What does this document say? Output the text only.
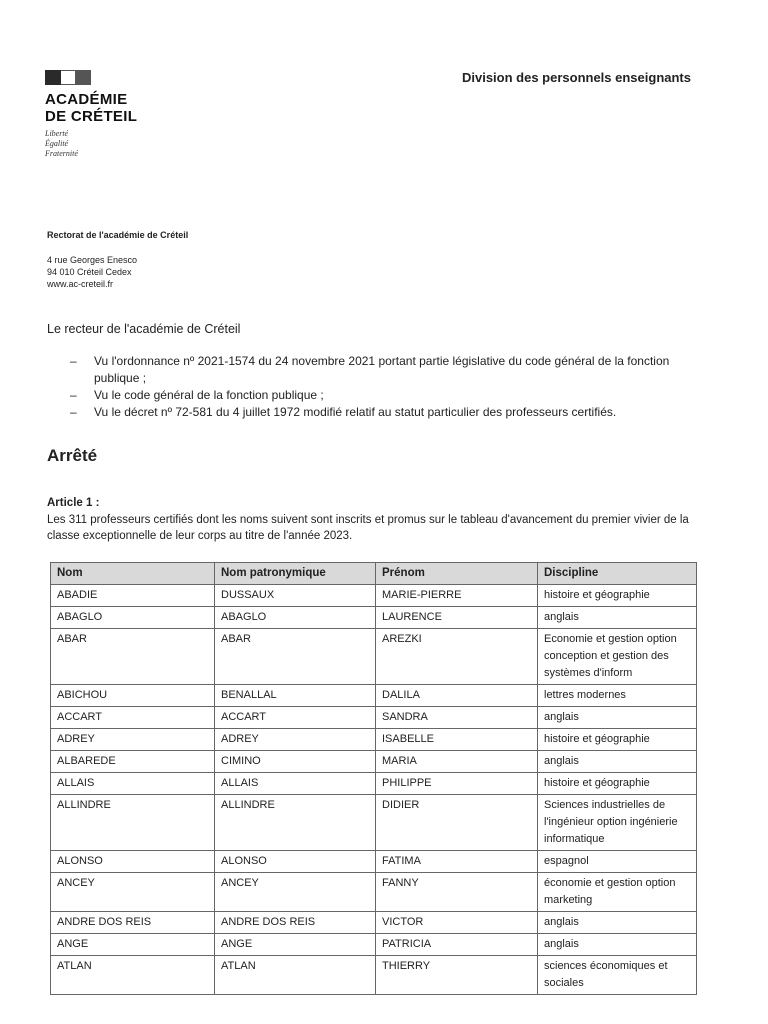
ACADÉMIE
DE CRÉTEIL
Liberté
Égalité
Fraternité
Division des personnels enseignants
Rectorat de l'académie de Créteil
4 rue Georges Enesco
94 010 Créteil Cedex
www.ac-creteil.fr
Le recteur de l'académie de Créteil
–	Vu l'ordonnance nº 2021-1574 du 24 novembre 2021 portant partie législative du code général de la fonction publique ;
–	Vu le code général de la fonction publique ;
–	Vu le décret nº 72-581 du 4 juillet 1972 modifié relatif au statut particulier des professeurs certifiés.
Arrêté
Article 1 :
Les 311 professeurs certifiés dont les noms suivent sont inscrits et promus sur le tableau d'avancement du premier vivier de la classe exceptionnelle de leur corps au titre de l'année 2023.
Nom	Nom patronymique	Prénom	Discipline
ABADIE	DUSSAUX	MARIE-PIERRE	histoire et géographie
ABAGLO	ABAGLO	LAURENCE	anglais
ABAR	ABAR	AREZKI	Economie et gestion option conception et gestion des systèmes d'inform
ABICHOU	BENALLAL	DALILA	lettres modernes
ACCART	ACCART	SANDRA	anglais
ADREY	ADREY	ISABELLE	histoire et géographie
ALBAREDE	CIMINO	MARIA	anglais
ALLAIS	ALLAIS	PHILIPPE	histoire et géographie
ALLINDRE	ALLINDRE	DIDIER	Sciences industrielles de l'ingénieur option ingénierie informatique
ALONSO	ALONSO	FATIMA	espagnol
ANCEY	ANCEY	FANNY	économie et gestion option marketing
ANDRE DOS REIS	ANDRE DOS REIS	VICTOR	anglais
ANGE	ANGE	PATRICIA	anglais
ATLAN	ATLAN	THIERRY	sciences économiques et sociales
